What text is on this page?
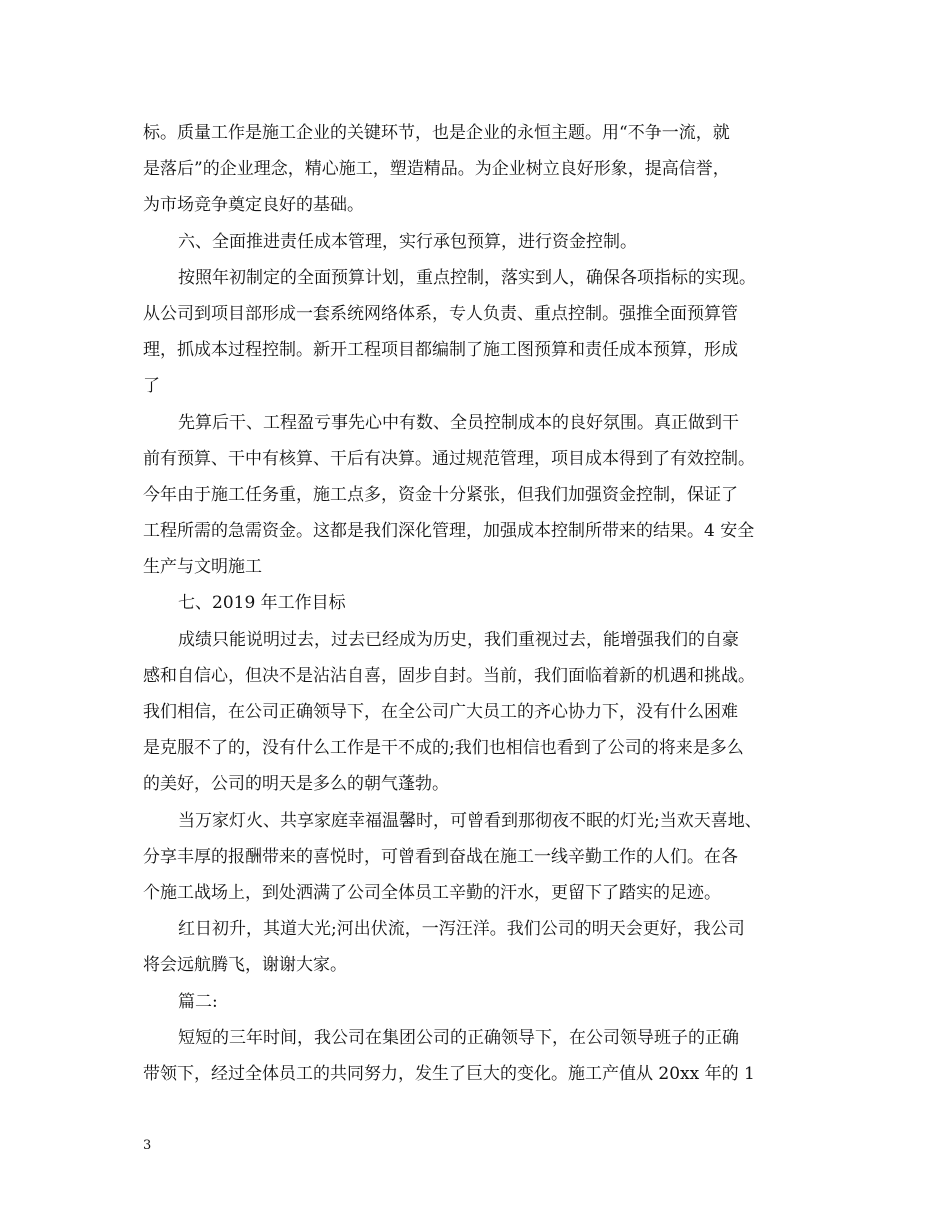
标。质量工作是施工企业的关键环节，也是企业的永恒主题。用“不争一流，就
是落后”的企业理念，精心施工，塑造精品。为企业树立良好形象，提高信誉，
为市场竞争奠定良好的基础。
六、全面推进责任成本管理，实行承包预算，进行资金控制。
按照年初制定的全面预算计划，重点控制，落实到人，确保各项指标的实现。
从公司到项目部形成一套系统网络体系，专人负责、重点控制。强推全面预算管
理，抓成本过程控制。新开工程项目都编制了施工图预算和责任成本预算，形成
了
先算后干、工程盈亏事先心中有数、全员控制成本的良好氛围。真正做到干
前有预算、干中有核算、干后有决算。通过规范管理，项目成本得到了有效控制。
今年由于施工任务重，施工点多，资金十分紧张，但我们加强资金控制，保证了
工程所需的急需资金。这都是我们深化管理，加强成本控制所带来的结果。4 安全
生产与文明施工
七、2019 年工作目标
成绩只能说明过去，过去已经成为历史，我们重视过去，能增强我们的自豪
感和自信心，但决不是沾沾自喜，固步自封。当前，我们面临着新的机遇和挑战。
我们相信，在公司正确领导下，在全公司广大员工的齐心协力下，没有什么困难
是克服不了的，没有什么工作是干不成的;我们也相信也看到了公司的将来是多么
的美好，公司的明天是多么的朝气蓬勃。
当万家灯火、共享家庭幸福温馨时，可曾看到那彻夜不眠的灯光;当欢天喜地、
分享丰厚的报酬带来的喜悦时，可曾看到奋战在施工一线辛勤工作的人们。在各
个施工战场上，到处洒满了公司全体员工辛勤的汗水，更留下了踏实的足迹。
红日初升，其道大光;河出伏流，一泻汪洋。我们公司的明天会更好，我公司
将会远航腾飞，谢谢大家。
篇二:
短短的三年时间，我公司在集团公司的正确领导下，在公司领导班子的正确
带领下，经过全体员工的共同努力，发生了巨大的变化。施工产值从 20xx 年的 1
3
